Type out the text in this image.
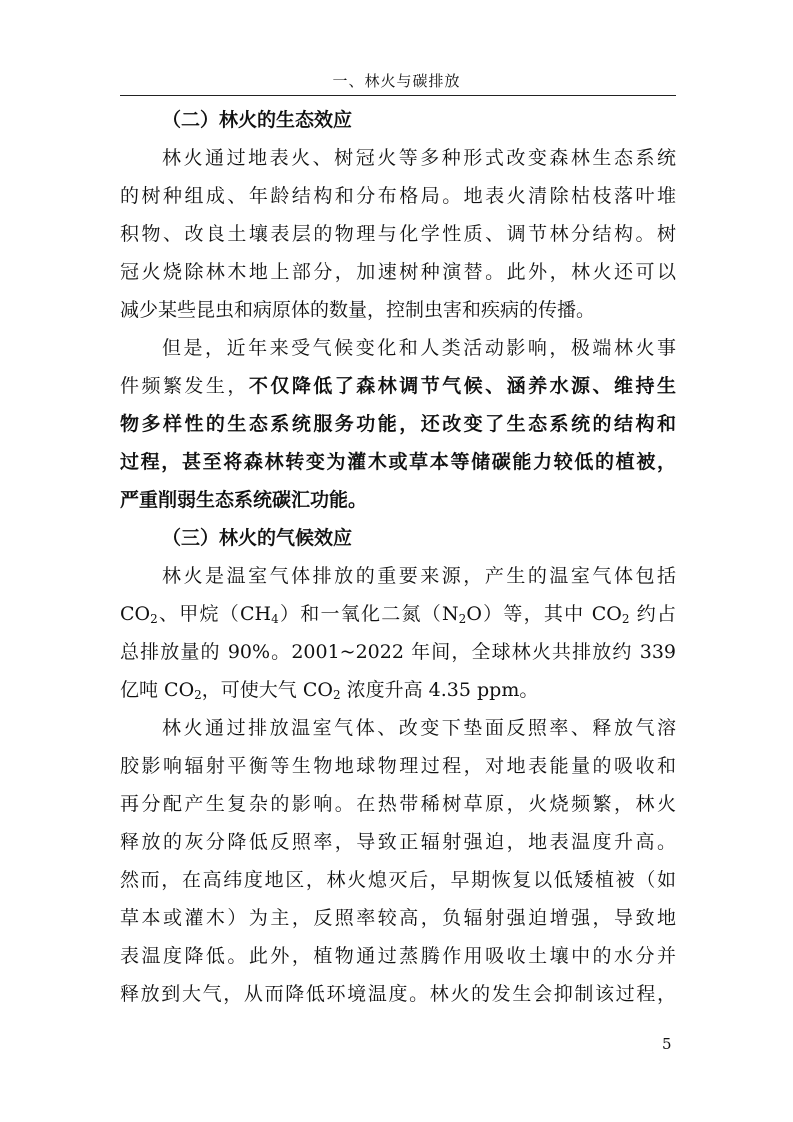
一、林火与碳排放
（二）林火的生态效应
林火通过地表火、树冠火等多种形式改变森林生态系统
的树种组成、年龄结构和分布格局。地表火清除枯枝落叶堆
积物、改良土壤表层的物理与化学性质、调节林分结构。树
冠火烧除林木地上部分，加速树种演替。此外，林火还可以
减少某些昆虫和病原体的数量，控制虫害和疾病的传播。
但是，近年来受气候变化和人类活动影响，极端林火事
件频繁发生，不仅降低了森林调节气候、涵养水源、维持生
物多样性的生态系统服务功能，还改变了生态系统的结构和
过程，甚至将森林转变为灌木或草本等储碳能力较低的植被，
严重削弱生态系统碳汇功能。
（三）林火的气候效应
林火是温室气体排放的重要来源，产生的温室气体包括
$CO_2$、甲烷$(CH_4)$和一氧化二氮$(N_2O)$等，其中 $CO_2$ 约占
总排放量的 90%。2001~2022 年间，全球林火共排放约 339
亿吨 $CO_2$，可使大气 $CO_2$ 浓度升高 4.35 ppm。
林火通过排放温室气体、改变下垫面反照率、释放气溶
胶影响辐射平衡等生物地球物理过程，对地表能量的吸收和
再分配产生复杂的影响。在热带稀树草原，火烧频繁，林火
释放的灰分降低反照率，导致正辐射强迫，地表温度升高。
然而，在高纬度地区，林火熄灭后，早期恢复以低矮植被（如
草本或灌木）为主，反照率较高，负辐射强迫增强，导致地
表温度降低。此外，植物通过蒸腾作用吸收土壤中的水分并
释放到大气，从而降低环境温度。林火的发生会抑制该过程，
5
